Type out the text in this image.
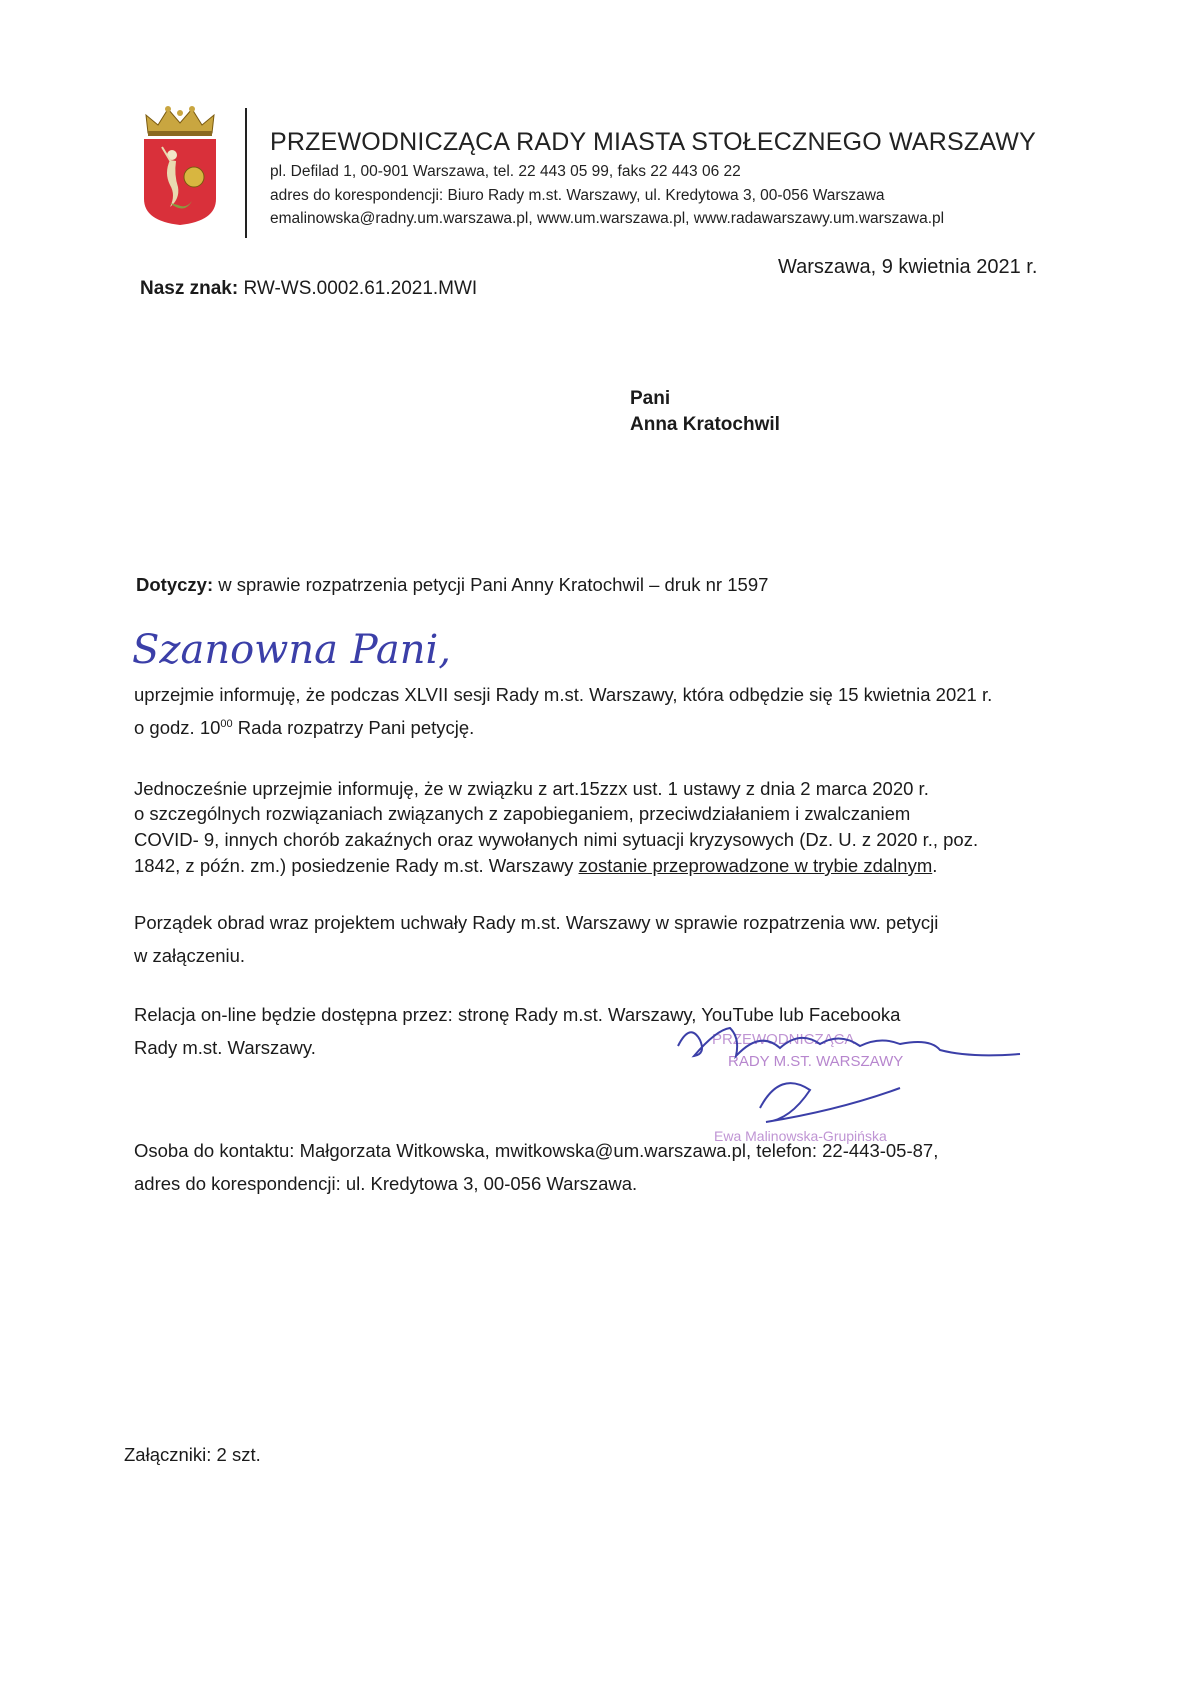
PRZEWODNICZĄCA RADY MIASTA STOŁECZNEGO WARSZAWY
pl. Defilad 1, 00-901 Warszawa, tel. 22 443 05 99, faks 22 443 06 22
adres do korespondencji: Biuro Rady m.st. Warszawy, ul. Kredytowa 3, 00-056 Warszawa
emalinowska@radny.um.warszawa.pl, www.um.warszawa.pl, www.radawarszawy.um.warszawa.pl
Warszawa, 9 kwietnia 2021 r.
Nasz znak: RW-WS.0002.61.2021.MWI
Pani
Anna Kratochwil
Dotyczy: w sprawie rozpatrzenia petycji Pani Anny Kratochwil – druk nr 1597
Szanowna Pani,
uprzejmie informuję, że podczas XLVII sesji Rady m.st. Warszawy, która odbędzie się 15 kwietnia 2021 r.
o godz. $10^{00}$ Rada rozpatrzy Pani petycję.
Jednocześnie uprzejmie informuję, że w związku z art.15zzx ust. 1 ustawy z dnia 2 marca 2020 r.
o szczególnych rozwiązaniach związanych z zapobieganiem, przeciwdziałaniem i zwalczaniem
COVID- 9, innych chorób zakaźnych oraz wywołanych nimi sytuacji kryzysowych (Dz. U. z 2020 r., poz.
1842, z późn. zm.) posiedzenie Rady m.st. Warszawy zostanie przeprowadzone w trybie zdalnym.
Porządek obrad wraz projektem uchwały Rady m.st. Warszawy w sprawie rozpatrzenia ww. petycji
w załączeniu.
Relacja on-line będzie dostępna przez: stronę Rady m.st. Warszawy, YouTube lub Facebooka
Rady m.st. Warszawy.	PRZEWODNICZĄCA
RADY M.ST. WARSZAWY
Ewa Malinowska-Grupińska
Osoba do kontaktu: Małgorzata Witkowska, mwitkowska@um.warszawa.pl, telefon: 22-443-05-87,
adres do korespondencji: ul. Kredytowa 3, 00-056 Warszawa.
Załączniki: 2 szt.
